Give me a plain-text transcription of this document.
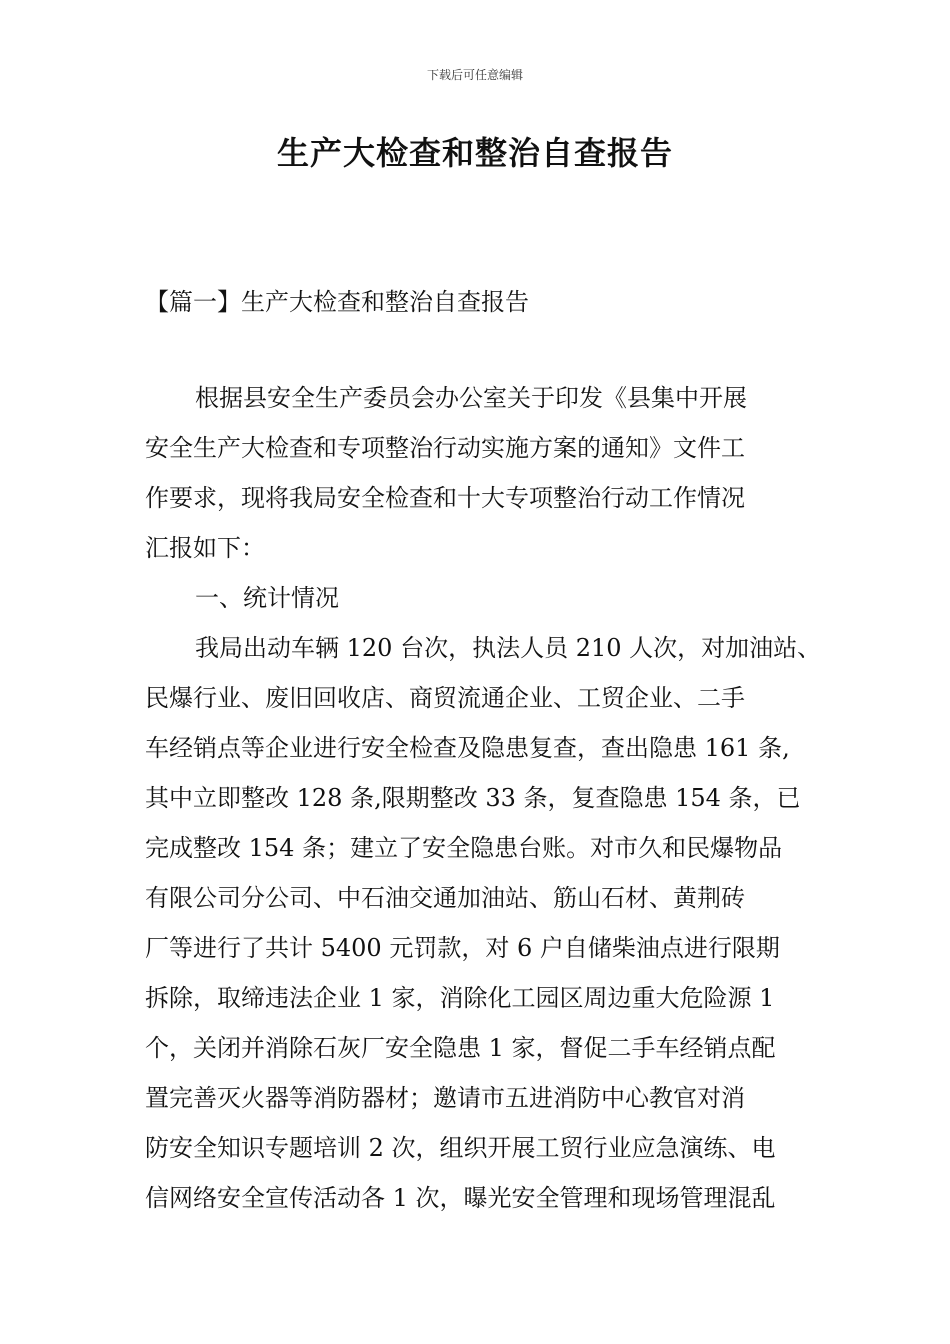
下载后可任意编辑
生产大检查和整治自查报告
【篇一】生产大检查和整治自查报告
根据县安全生产委员会办公室关于印发《县集中开展
安全生产大检查和专项整治行动实施方案的通知》文件工
作要求，现将我局安全检查和十大专项整治行动工作情况
汇报如下：
一、统计情况
我局出动车辆 120 台次，执法人员 210 人次，对加油站、
民爆行业、废旧回收店、商贸流通企业、工贸企业、二手
车经销点等企业进行安全检查及隐患复查，查出隐患 161 条,
其中立即整改 128 条,限期整改 33 条，复查隐患 154 条，已
完成整改 154 条；建立了安全隐患台账。对市久和民爆物品
有限公司分公司、中石油交通加油站、筋山石材、黄荆砖
厂等进行了共计 5400 元罚款，对 6 户自储柴油点进行限期
拆除，取缔违法企业 1 家，消除化工园区周边重大危险源 1
个，关闭并消除石灰厂安全隐患 1 家，督促二手车经销点配
置完善灭火器等消防器材；邀请市五进消防中心教官对消
防安全知识专题培训 2 次，组织开展工贸行业应急演练、电
信网络安全宣传活动各 1 次，曝光安全管理和现场管理混乱
